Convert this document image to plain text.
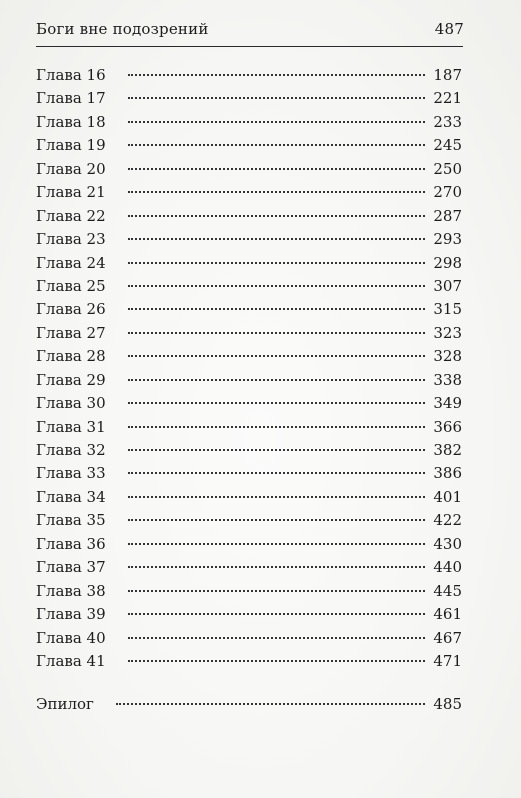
Боги вне подозрений	487
Глава 16	187
Глава 17	221
Глава 18	233
Глава 19	245
Глава 20	250
Глава 21	270
Глава 22	287
Глава 23	293
Глава 24	298
Глава 25	307
Глава 26	315
Глава 27	323
Глава 28	328
Глава 29	338
Глава 30	349
Глава 31	366
Глава 32	382
Глава 33	386
Глава 34	401
Глава 35	422
Глава 36	430
Глава 37	440
Глава 38	445
Глава 39	461
Глава 40	467
Глава 41	471
Эпилог	485
